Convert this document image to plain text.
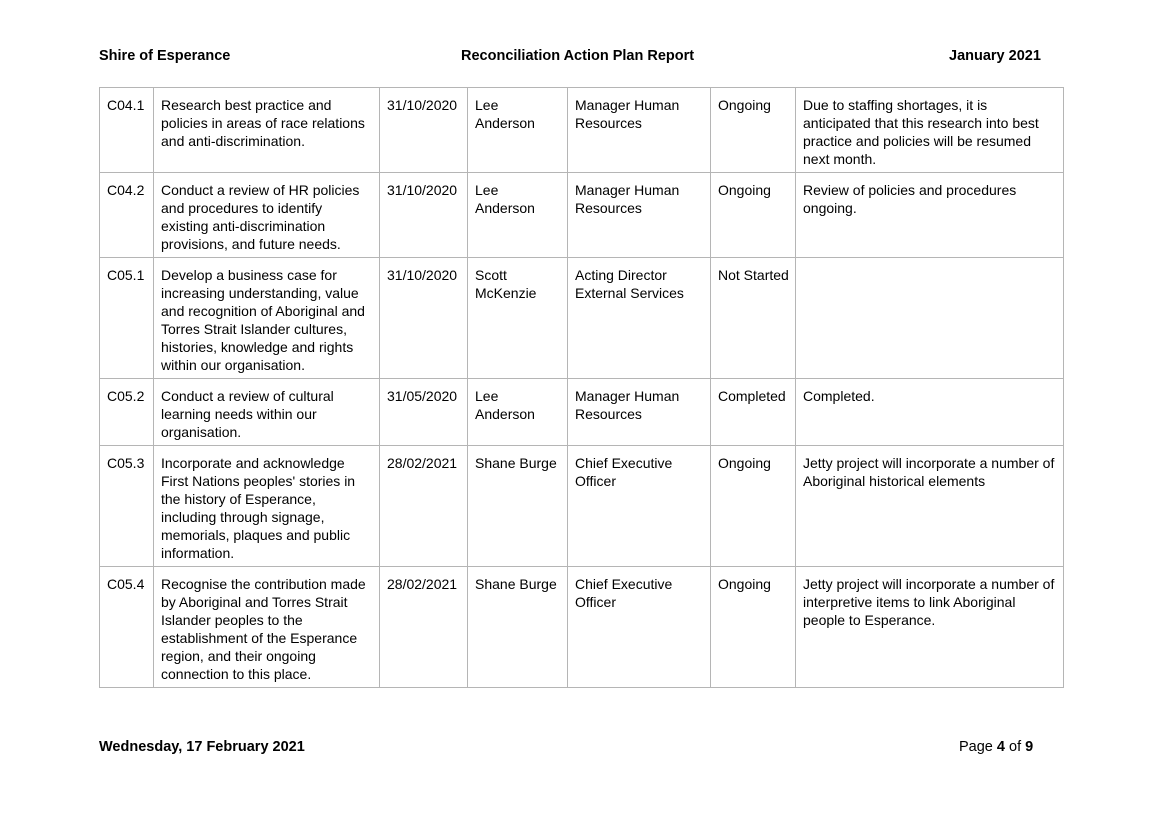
Shire of Esperance	Reconciliation Action Plan Report	January 2021
C04.1	Research best practice and policies in areas of race relations and anti-discrimination.	31/10/2020	Lee Anderson	Manager Human Resources	Ongoing	Due to staffing shortages, it is anticipated that this research into best practice and policies will be resumed next month.
C04.2	Conduct a review of HR policies and procedures to identify existing anti-discrimination provisions, and future needs.	31/10/2020	Lee Anderson	Manager Human Resources	Ongoing	Review of policies and procedures ongoing.
C05.1	Develop a business case for increasing understanding, value and recognition of Aboriginal and Torres Strait Islander cultures, histories, knowledge and rights within our organisation.	31/10/2020	Scott McKenzie	Acting Director External Services	Not Started	
C05.2	Conduct a review of cultural learning needs within our organisation.	31/05/2020	Lee Anderson	Manager Human Resources	Completed	Completed.
C05.3	Incorporate and acknowledge First Nations peoples' stories in the history of Esperance, including through signage, memorials, plaques and public information.	28/02/2021	Shane Burge	Chief Executive Officer	Ongoing	Jetty project will incorporate a number of Aboriginal historical elements
C05.4	Recognise the contribution made by Aboriginal and Torres Strait Islander peoples to the establishment of the Esperance region, and their ongoing connection to this place.	28/02/2021	Shane Burge	Chief Executive Officer	Ongoing	Jetty project will incorporate a number of interpretive items to link Aboriginal people to Esperance.
Wednesday, 17 February 2021	Page 4 of 9
